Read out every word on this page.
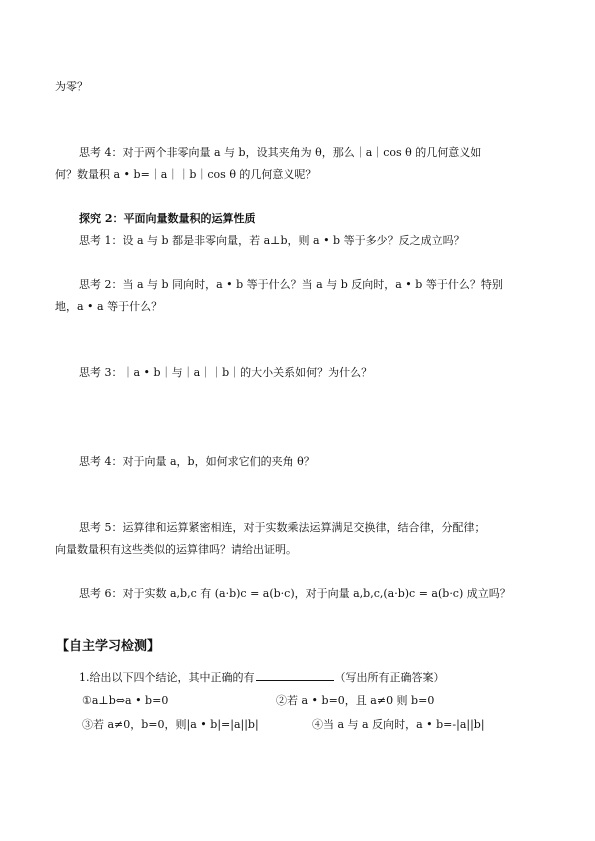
为零？
思考 4：对于两个非零向量 a 与 b，设其夹角为 θ，那么｜a｜cos θ 的几何意义如
何？数量积 a • b=｜a｜｜b｜cos θ 的几何意义呢？
探究 2：平面向量数量积的运算性质
思考 1：设 a 与 b 都是非零向量，若 a⊥b，则 a • b 等于多少？反之成立吗？
思考 2：当 a 与 b 同向时，a • b 等于什么？当 a 与 b 反向时，a • b 等于什么？特别
地，a • a 等于什么？
思考 3：｜a • b｜与｜a｜｜b｜的大小关系如何？为什么？
思考 4：对于向量 a，b，如何求它们的夹角 θ？
思考 5：运算律和运算紧密相连，对于实数乘法运算满足交换律，结合律，分配律；
向量数量积有这些类似的运算律吗？请给出证明。
思考 6：对于实数 a,b,c 有 (a·b)c = a(b·c)，对于向量 a,b,c,(a·b)c = a(b·c) 成立吗？
【自主学习检测】
1.给出以下四个结论，其中正确的有	（写出所有正确答案）
①a⊥b⇔a • b=0	②若 a • b=0，且 a≠0 则 b=0
③若 a≠0，b=0，则|a • b|=|a||b|	④当 a 与 a 反向时，a • b=-|a||b|
